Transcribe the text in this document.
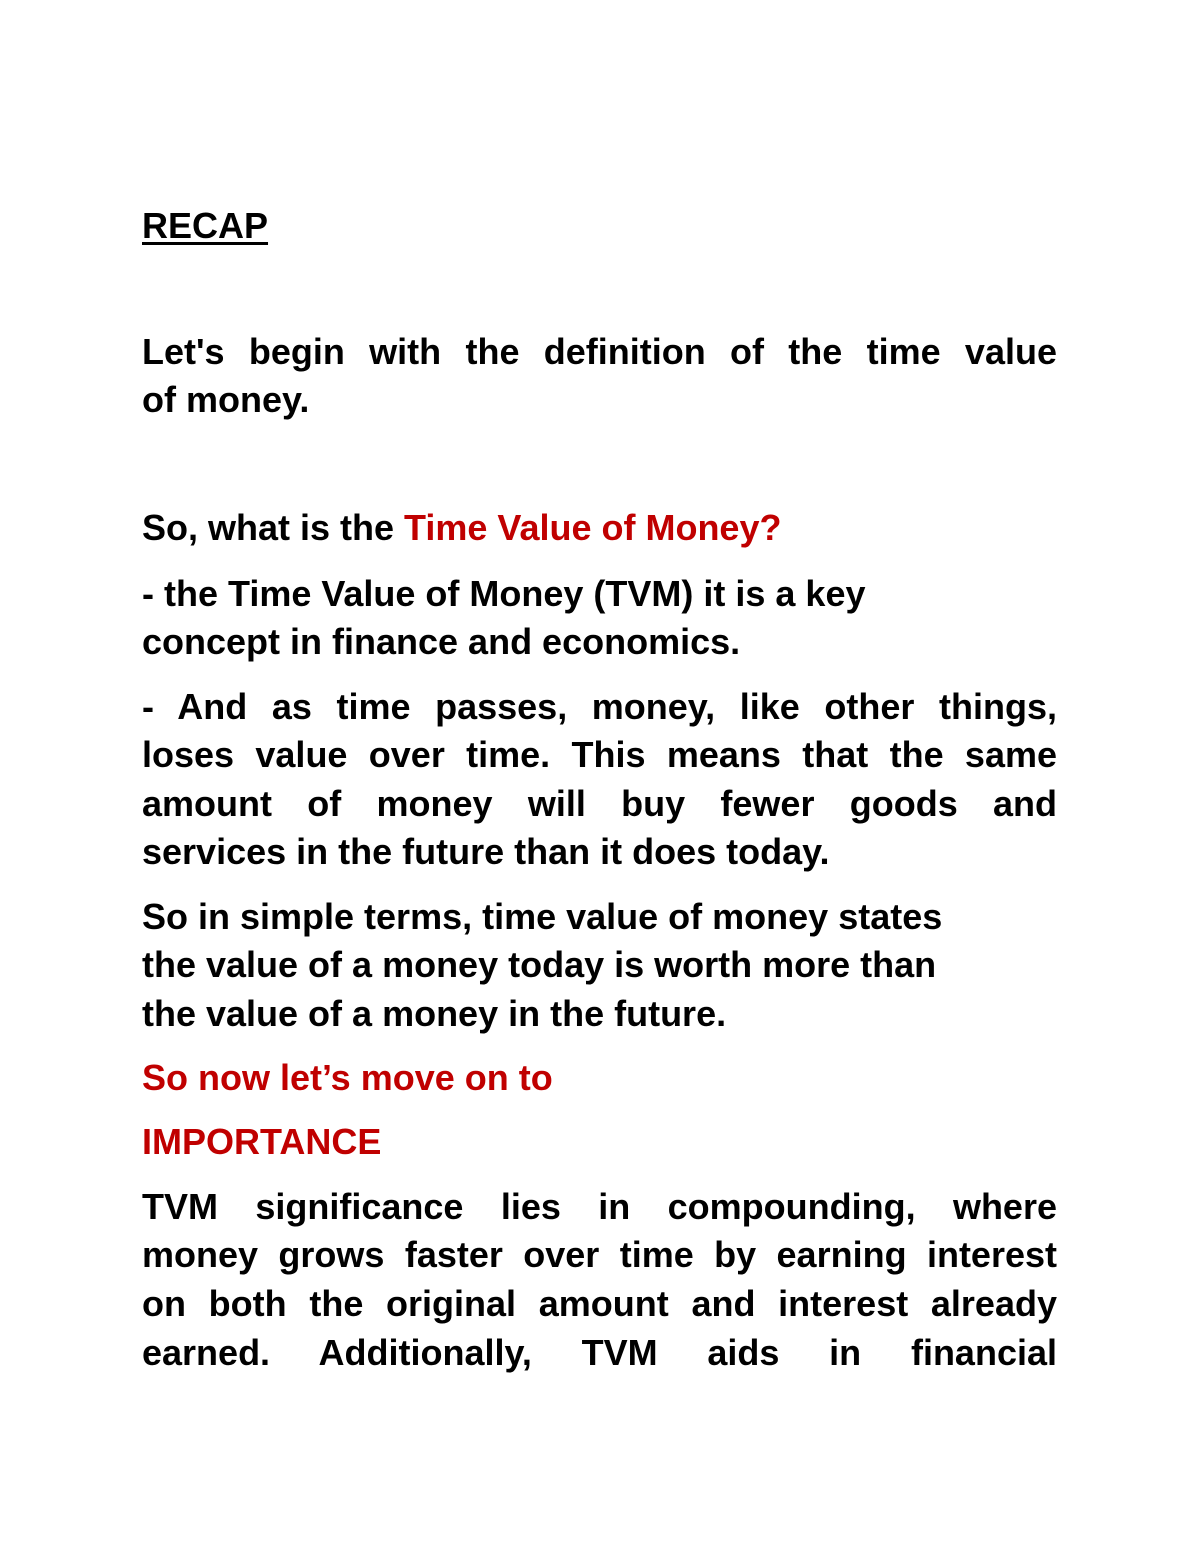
RECAP
Let's begin with the definition of the time value
of money.
So, what is the Time Value of Money?
- the Time Value of Money (TVM) it is a key
concept in finance and economics.
- And as time passes, money, like other things,
loses value over time. This means that the same
amount of money will buy fewer goods and
services in the future than it does today.
So in simple terms, time value of money states
the value of a money today is worth more than
the value of a money in the future.
So now let’s move on to
IMPORTANCE
TVM significance lies in compounding, where
money grows faster over time by earning interest
on both the original amount and interest already
earned. Additionally, TVM aids in financial
